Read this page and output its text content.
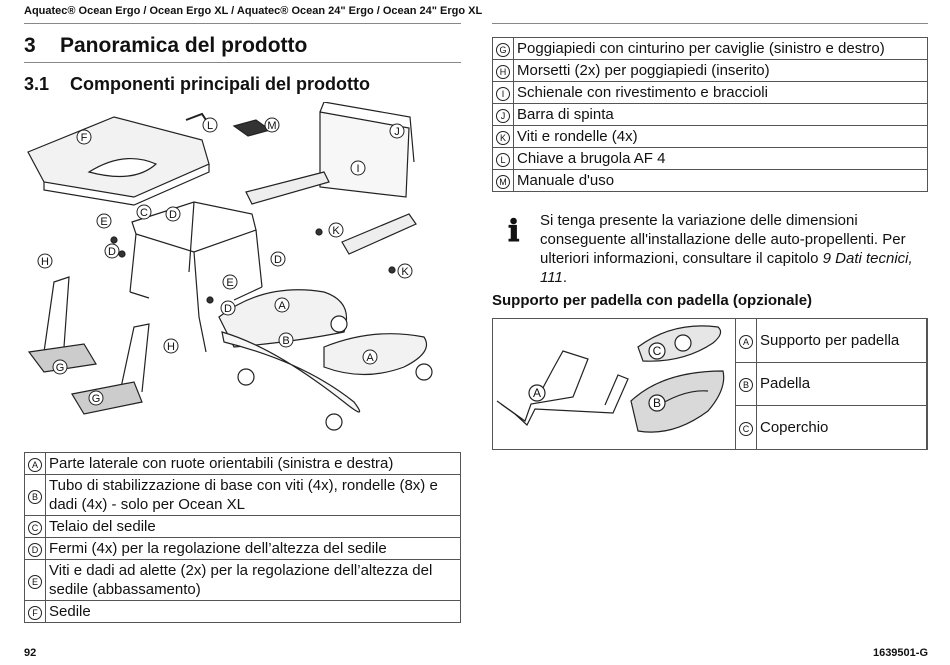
Aquatec® Ocean Ergo / Ocean Ergo XL / Aquatec® Ocean 24" Ergo / Ocean 24" Ergo XL
3 Panoramica del prodotto
3.1 Componenti principali del prodotto
F
L	M	J
I
C D
E
K
D
H	D
K
E
D	A
H	B
A
G
G
A	Parte laterale con ruote orientabili (sinistra e destra)
B	Tubo di stabilizzazione di base con viti (4x), rondelle (8x) e dadi (4x) - solo per Ocean XL
C	Telaio del sedile
D	Fermi (4x) per la regolazione dell’altezza del sedile
E	Viti e dadi ad alette (2x) per la regolazione dell’altezza del sedile (abbassamento)
F	Sedile
G	Poggiapiedi con cinturino per caviglie (sinistro e destro)
H	Morsetti (2x) per poggiapiedi (inserito)
I	Schienale con rivestimento e braccioli
J	Barra di spinta
K	Viti e rondelle (4x)
L	Chiave a brugola AF 4
M	Manuale d'uso
ℹ Si tenga presente la variazione delle dimensioni conseguente all'installazione delle auto-propellenti. Per ulteriori informazioni, consultare il capitolo 9 Dati tecnici, 111.
Supporto per padella con padella (opzionale)
C
A
B
A	Supporto per padella
B	Padella
C	Coperchio
92	1639501-G
